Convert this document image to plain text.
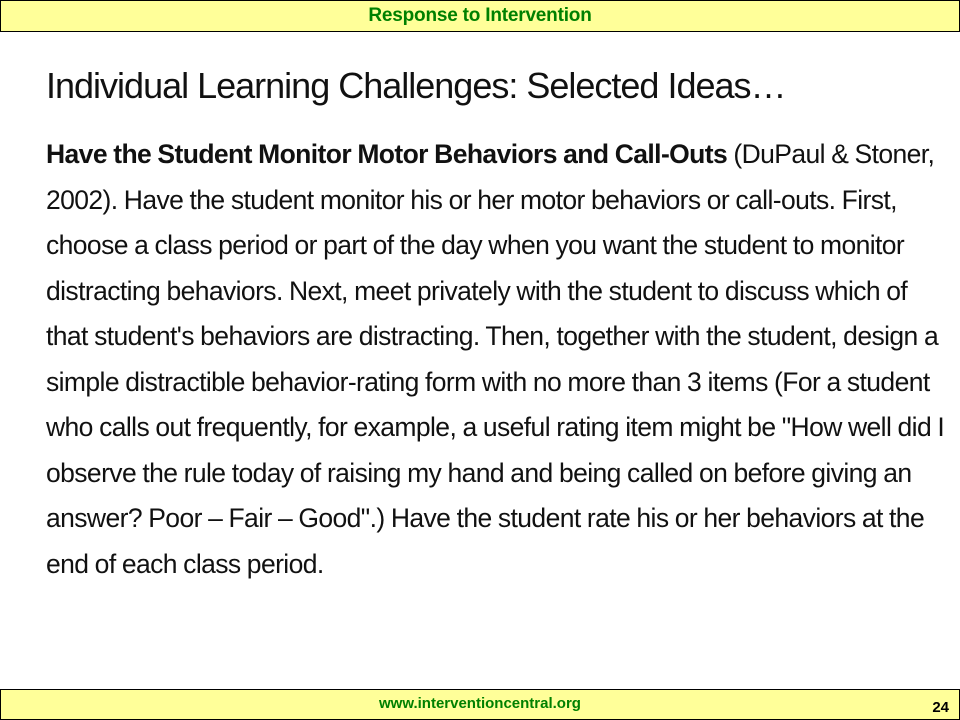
Response to Intervention
Individual Learning Challenges: Selected Ideas…

Have the Student Monitor Motor Behaviors and Call-Outs (DuPaul & Stoner, 2002). Have the student monitor his or her motor behaviors or call-outs. First, choose a class period or part of the day when you want the student to monitor distracting behaviors. Next, meet privately with the student to discuss which of that student's behaviors are distracting. Then, together with the student, design a simple distractible behavior-rating form with no more than 3 items (For a student who calls out frequently, for example, a useful rating item might be "How well did I observe the rule today of raising my hand and being called on before giving an answer? Poor – Fair – Good".) Have the student rate his or her behaviors at the end of each class period.

www.interventioncentral.org	24
